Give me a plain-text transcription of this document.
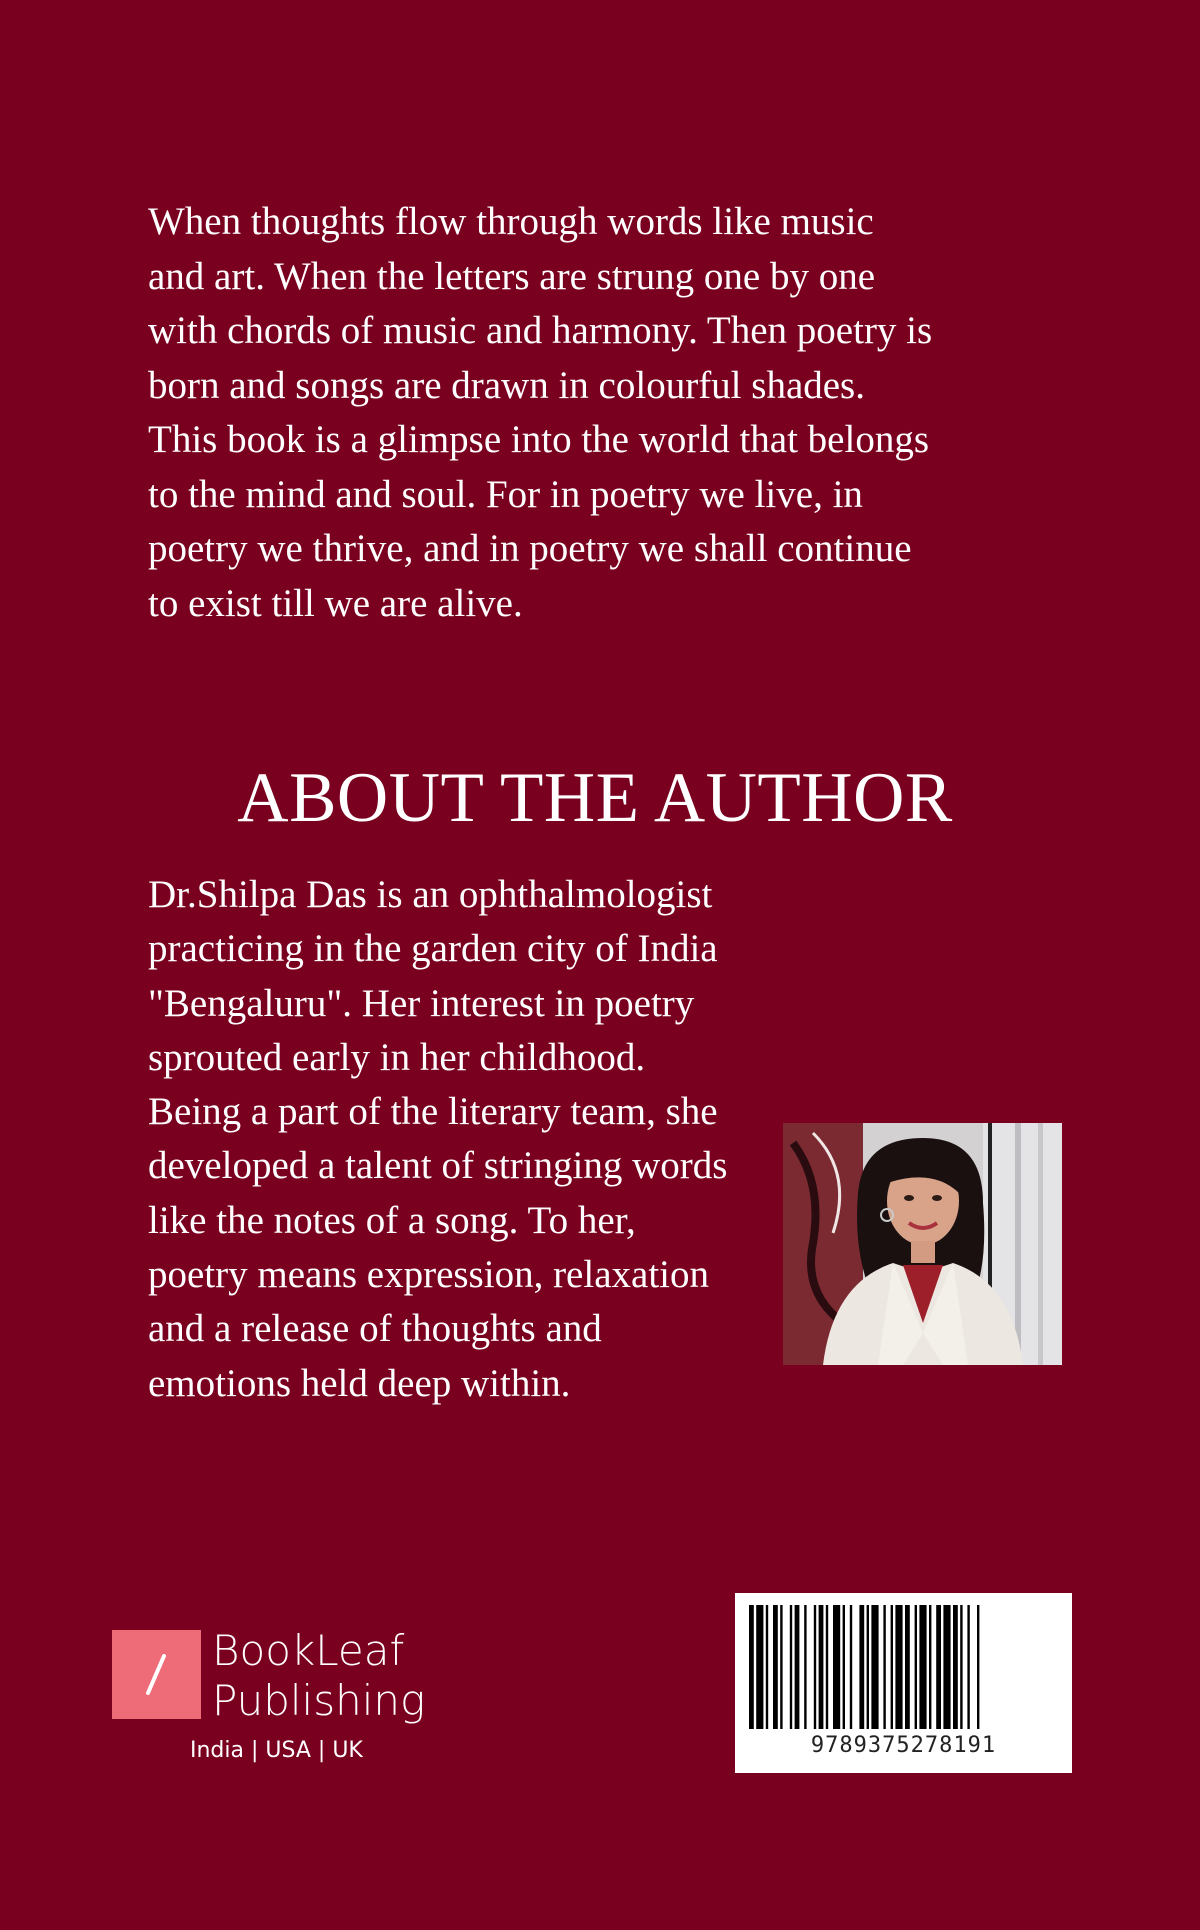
When thoughts flow through words like music
and art. When the letters are strung one by one
with chords of music and harmony. Then poetry is
born and songs are drawn in colourful shades.
This book is a glimpse into the world that belongs
to the mind and soul. For in poetry we live, in
poetry we thrive, and in poetry we shall continue
to exist till we are alive.
ABOUT THE AUTHOR
Dr.Shilpa Das is an ophthalmologist
practicing in the garden city of India
"Bengaluru". Her interest in poetry
sprouted early in her childhood.
Being a part of the literary team, she
developed a talent of stringing words
like the notes of a song. To her,
poetry means expression, relaxation
and a release of thoughts and
emotions held deep within.
BookLeaf
Publishing
India | USA | UK	9789375278191
